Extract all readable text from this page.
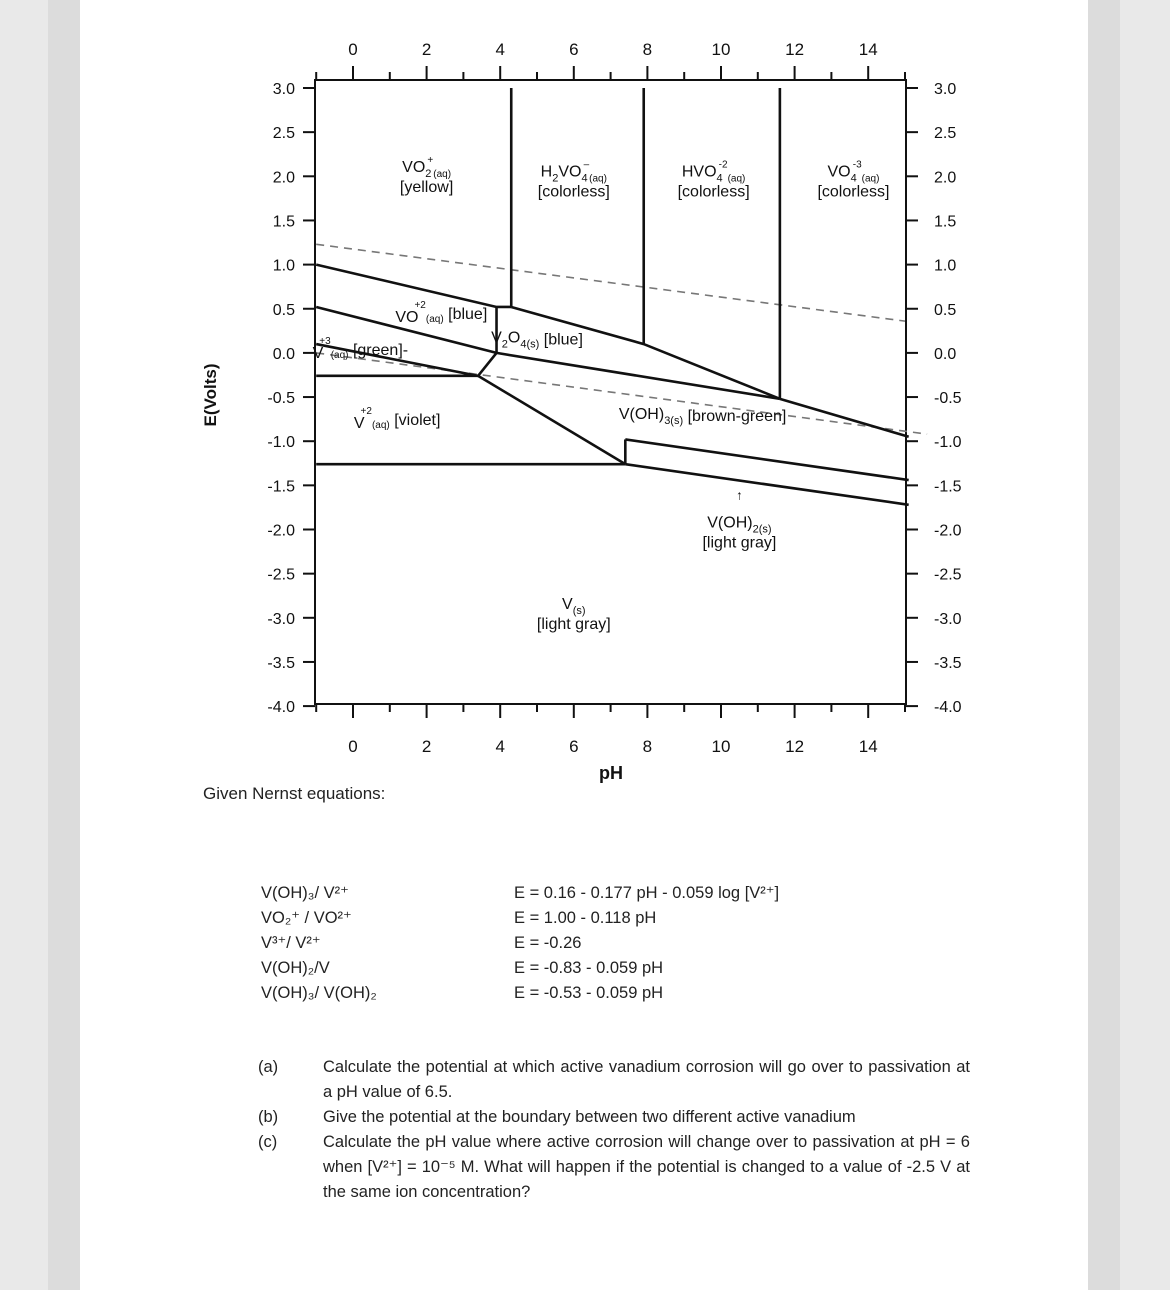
3.0	3.0
2.5	2.5
2.0	2.0
1.5	1.5
1.0	1.0
0.5	0.5
0.0	0.0
-0.5	-0.5
-1.0	-1.0
-1.5	-1.5
-2.0	-2.0
-2.5	-2.5
-3.0	-3.0
-3.5	-3.5
-4.0	-4.0
0
0
2
2
4
4
6
6
8
8
10
10
12
12
14
14
pH
E(Volts)
$VO_2+_{(aq)}$
[yellow]
$H_2VO_4-_{(aq)}$
[colorless]
$HVO_4-2_{(aq)}$
[colorless]
$VO_4-3_{(aq)}$
[colorless]
$VO+2_{(aq)}$ [blue]
$V_2O_{4(s)}$ [blue]
$V+3_{(aq)}$ [green]-
$V+2_{(aq)}$ [violet]	$V(OH)_{3(s)}$ [brown-green]
$V(OH)_{2(s)}$
[light gray]
$V_{(s)}$
[light gray]
↑
Given Nernst equations:
V(OH)₃/ V²⁺	E = 0.16 - 0.177 pH - 0.059 log [V²⁺]
VO₂⁺ / VO²⁺	E = 1.00 - 0.118 pH
V³⁺/ V²⁺	E = -0.26
V(OH)₂/V	E = -0.83 - 0.059 pH
V(OH)₃/ V(OH)₂	E = -0.53 - 0.059 pH
(a)	Calculate the potential at which active vanadium corrosion will go over to passivation at a pH value of 6.5.
(b)	Give the potential at the boundary between two different active vanadium
(c)	Calculate the pH value where active corrosion will change over to passivation at pH = 6 when [V²⁺] = 10⁻⁵ M. What will happen if the potential is changed to a value of -2.5 V at the same ion concentration?
